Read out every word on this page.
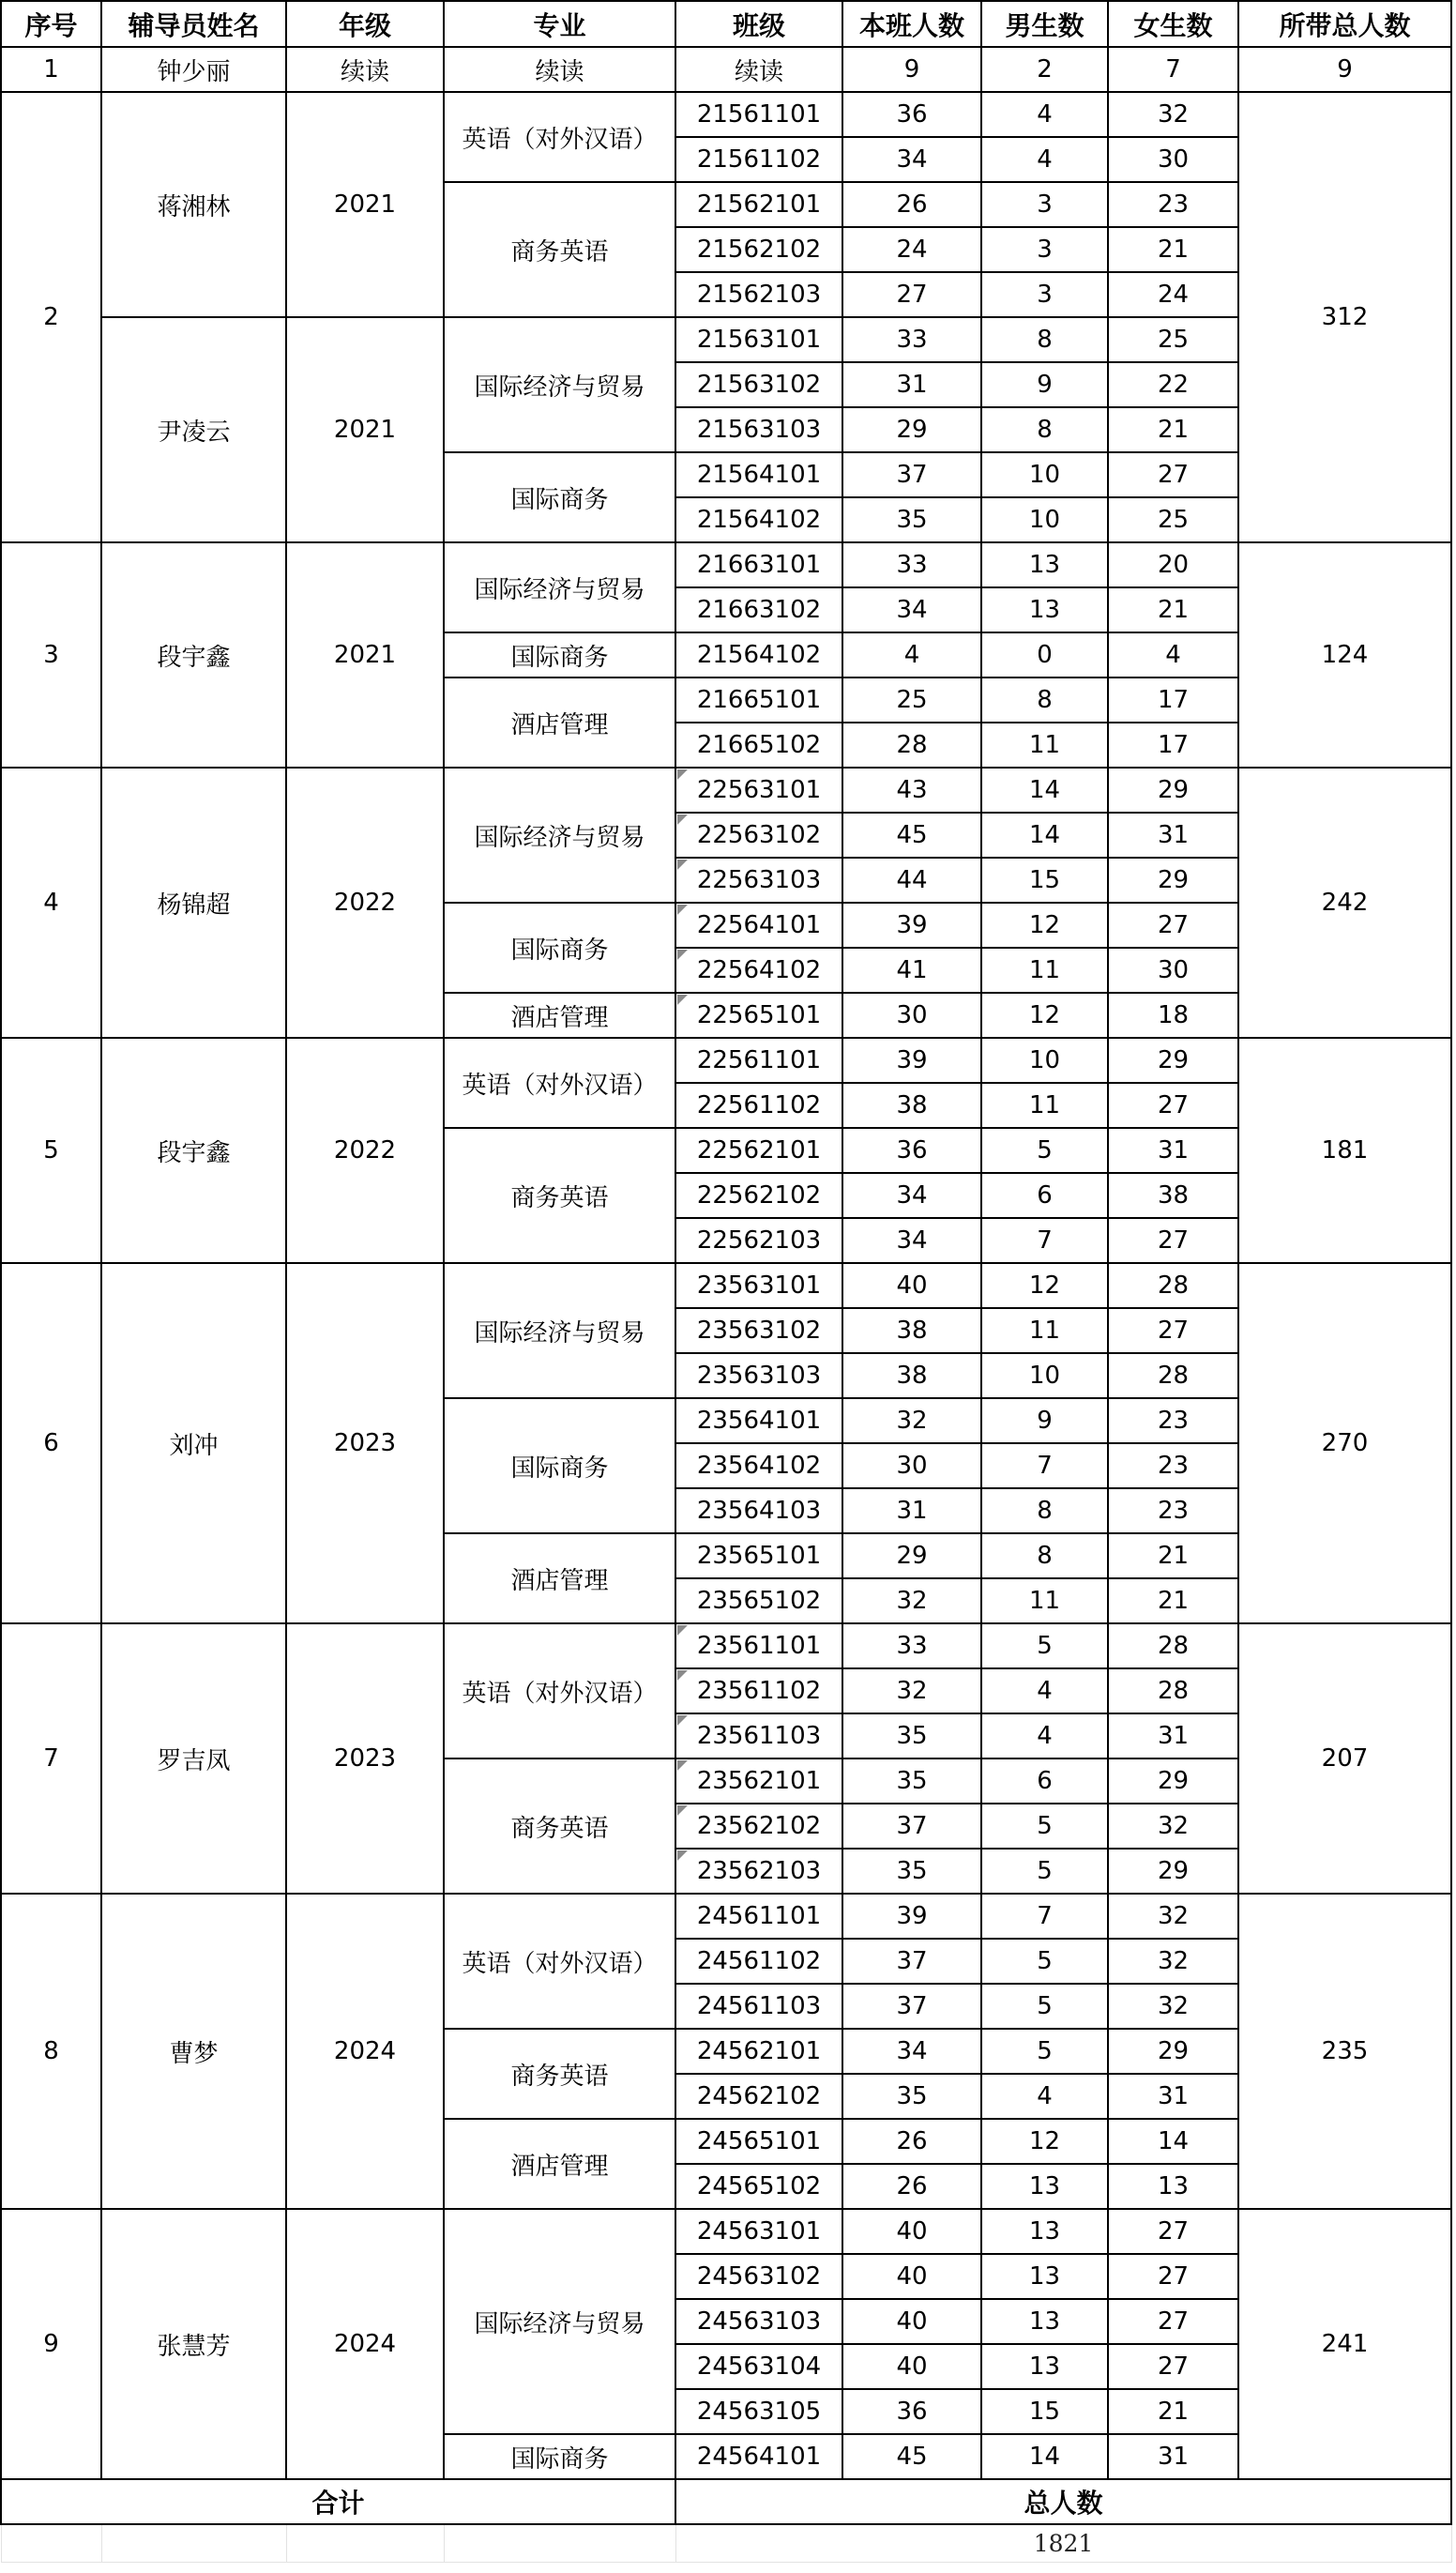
序号	辅导员姓名	年级	专业	班级	本班人数	男生数	女生数	所带总人数
1	钟少丽	续读	续读	续读	9	2	7	9
2	蒋湘林	2021	英语（对外汉语）	21561101	36	4	32	312
				21561102	34	4	30	
			商务英语	21562101	26	3	23	
				21562102	24	3	21	
				21562103	27	3	24	
	尹凌云	2021	国际经济与贸易	21563101	33	8	25	
				21563102	31	9	22	
				21563103	29	8	21	
			国际商务	21564101	37	10	27	
				21564102	35	10	25	
3	段宇鑫	2021	国际经济与贸易	21663101	33	13	20	124
				21663102	34	13	21	
			国际商务	21564102	4	0	4	
			酒店管理	21665101	25	8	17	
				21665102	28	11	17	
4	杨锦超	2022	国际经济与贸易	22563101	43	14	29	242
				22563102	45	14	31	
				22563103	44	15	29	
			国际商务	22564101	39	12	27	
				22564102	41	11	30	
			酒店管理	22565101	30	12	18	
5	段宇鑫	2022	英语（对外汉语）	22561101	39	10	29	181
				22561102	38	11	27	
			商务英语	22562101	36	5	31	
				22562102	34	6	38	
				22562103	34	7	27	
6	刘冲	2023	国际经济与贸易	23563101	40	12	28	270
				23563102	38	11	27	
				23563103	38	10	28	
			国际商务	23564101	32	9	23	
				23564102	30	7	23	
				23564103	31	8	23	
			酒店管理	23565101	29	8	21	
				23565102	32	11	21	
7	罗吉凤	2023	英语（对外汉语）	23561101	33	5	28	207
				23561102	32	4	28	
				23561103	35	4	31	
			商务英语	23562101	35	6	29	
				23562102	37	5	32	
				23562103	35	5	29	
8	曹梦	2024	英语（对外汉语）	24561101	39	7	32	235
				24561102	37	5	32	
				24561103	37	5	32	
			商务英语	24562101	34	5	29	
				24562102	35	4	31	
			酒店管理	24565101	26	12	14	
				24565102	26	13	13	
9	张慧芳	2024	国际经济与贸易	24563101	40	13	27	241
				24563102	40	13	27	
				24563103	40	13	27	
				24563104	40	13	27	
				24563105	36	15	21	
			国际商务	24564101	45	14	31	
合计				总人数				
				1821				
